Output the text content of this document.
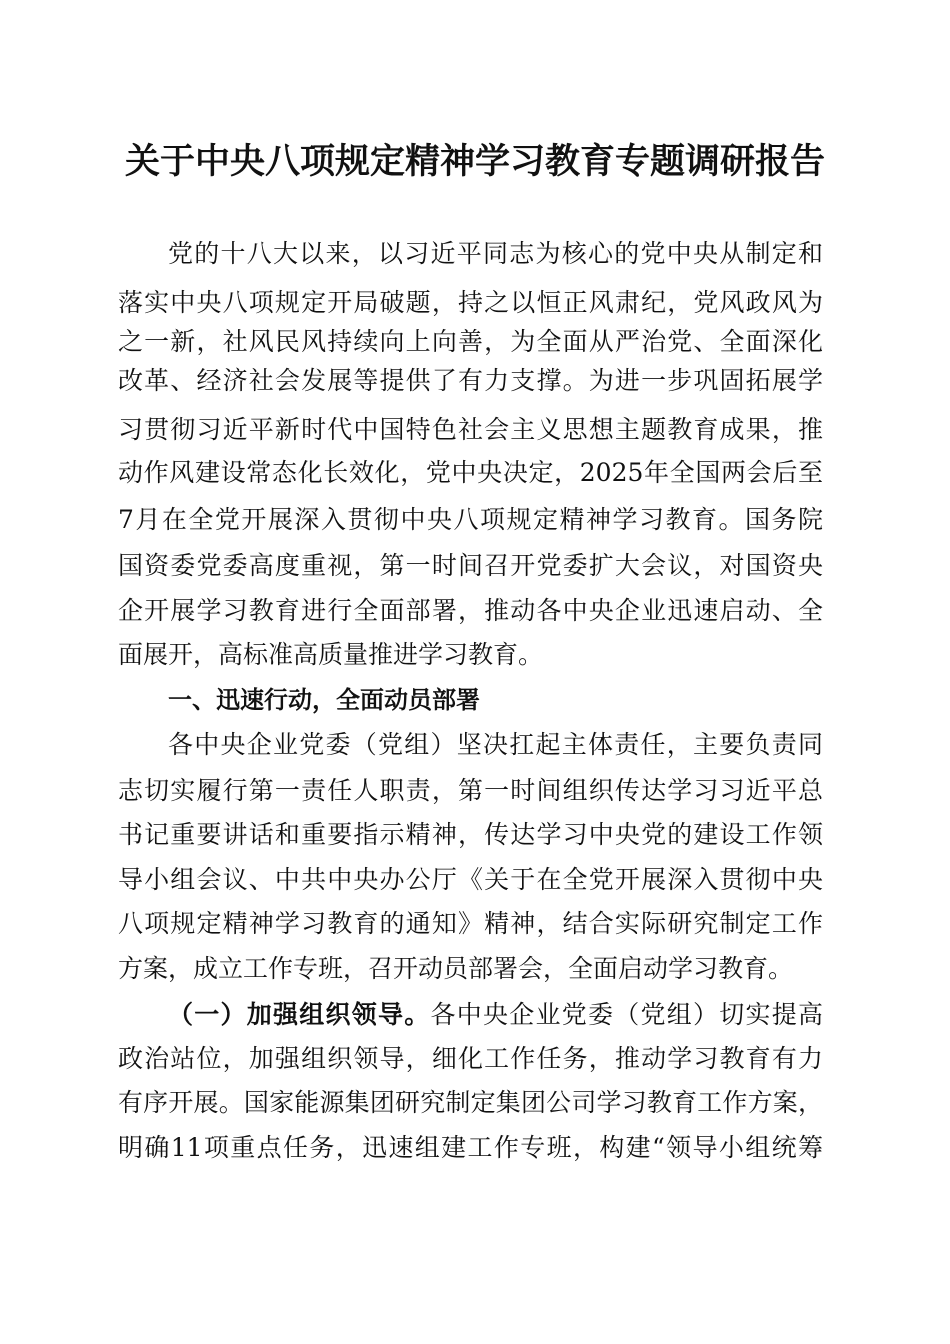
关于中央八项规定精神学习教育专题调研报告
党的十八大以来，以习近平同志为核心的党中央从制定和
落实中央八项规定开局破题，持之以恒正风肃纪，党风政风为
之一新，社风民风持续向上向善，为全面从严治党、全面深化
改革、经济社会发展等提供了有力支撑。为进一步巩固拓展学
习贯彻习近平新时代中国特色社会主义思想主题教育成果，推
动作风建设常态化长效化，党中央决定，2025年全国两会后至
7月在全党开展深入贯彻中央八项规定精神学习教育。国务院
国资委党委高度重视，第一时间召开党委扩大会议，对国资央
企开展学习教育进行全面部署，推动各中央企业迅速启动、全
面展开，高标准高质量推进学习教育。
一、迅速行动，全面动员部署
各中央企业党委（党组）坚决扛起主体责任，主要负责同
志切实履行第一责任人职责，第一时间组织传达学习习近平总
书记重要讲话和重要指示精神，传达学习中央党的建设工作领
导小组会议、中共中央办公厅《关于在全党开展深入贯彻中央
八项规定精神学习教育的通知》精神，结合实际研究制定工作
方案，成立工作专班，召开动员部署会，全面启动学习教育。
（一）加强组织领导。各中央企业党委（党组）切实提高
政治站位，加强组织领导，细化工作任务，推动学习教育有力
有序开展。国家能源集团研究制定集团公司学习教育工作方案，
明确11项重点任务，迅速组建工作专班，构建“领导小组统筹
